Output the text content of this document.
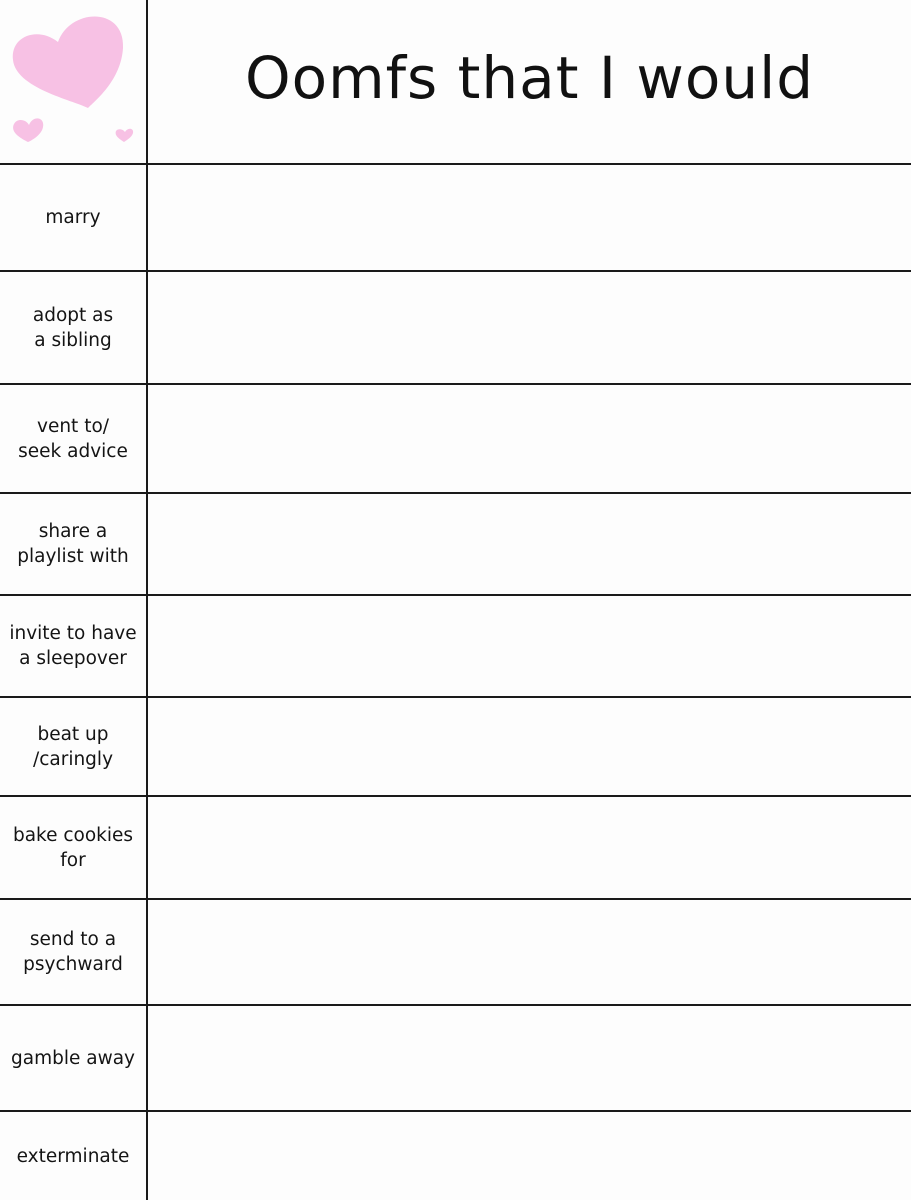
Oomfs that I would
marry
adopt as
a sibling
vent to/
seek advice
share a
playlist with
invite to have
a sleepover
beat up
/caringly
bake cookies
for
send to a
psychward
gamble away
exterminate
